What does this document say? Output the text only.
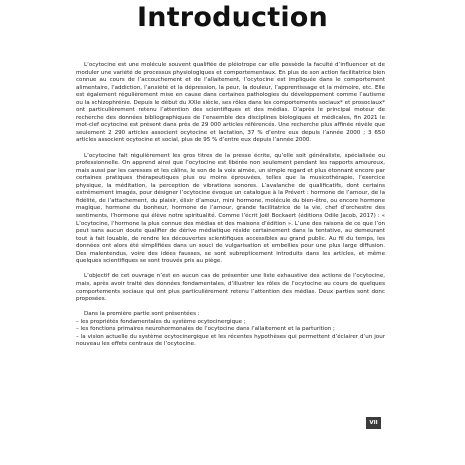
Introduction

L’ocytocine est une molécule souvent qualifiée de pléiotrope car elle possède la faculté d’influencer et de moduler une variété de processus physiologiques et comportementaux. En plus de son action facilitatrice bien connue au cours de l’accouchement et de l’allaitement, l’ocytocine est impliquée dans le comportement alimentaire, l’addiction, l’anxiété et la dépression, la peur, la douleur, l’apprentissage et la mémoire, etc. Elle est également régulièrement mise en cause dans certaines pathologies du développement comme l’autisme ou la schizophrénie. Depuis le début du XXIe siècle, ses rôles dans les comportements sociaux* et prosociaux* ont particulièrement retenu l’attention des scientifiques et des médias. D’après le principal moteur de recherche des données bibliographiques de l’ensemble des disciplines biologiques et médicales, fin 2021 le mot-clef ocytocine est présent dans près de 29 000 articles référencés. Une recherche plus affinée révèle que seulement 2 290 articles associent ocytocine et lactation, 37 % d’entre eux depuis l’année 2000 ; 3 650 articles associent ocytocine et social, plus de 95 % d’entre eux depuis l’année 2000.

L’ocytocine fait régulièrement les gros titres de la presse écrite, qu’elle soit généraliste, spécialisée ou professionnelle. On apprend ainsi que l’ocytocine est libérée non seulement pendant les rapports amoureux, mais aussi par les caresses et les câlins, le son de la voix aimée, un simple regard et plus étonnant encore par certaines pratiques thérapeutiques plus ou moins éprouvées, telles que la musicothérapie, l’exercice physique, la méditation, la perception de vibrations sonores. L’avalanche de qualificatifs, dont certains extrêmement imagés, pour désigner l’ocytocine évoque un catalogue à la Prévert : hormone de l’amour, de la fidélité, de l’attachement, du plaisir, élixir d’amour, mini hormone, molécule du bien-être, ou encore hormone magique, hormone du bonheur, hormone de l’amour, grande facilitatrice de la vie, chef d’orchestre des sentiments, l’hormone qui élève notre spiritualité. Comme l’écrit Joël Bockaert (éditions Odile Jacob, 2017) : « L’ocytocine, l’hormone la plus connue des médias et des maisons d’édition ». L’une des raisons de ce que l’on peut sans aucun doute qualifier de dérive médiatique réside certainement dans la tentative, au demeurant tout à fait louable, de rendre les découvertes scientifiques accessibles au grand public. Au fil du temps, les données ont alors été simplifiées dans un souci de vulgarisation et embellies pour une plus large diffusion. Des malentendus, voire des idées fausses, se sont subrepticement introduits dans les articles, et même quelques scientifiques se sont trouvés pris au piège.

L’objectif de cet ouvrage n’est en aucun cas de présenter une liste exhaustive des actions de l’ocytocine, mais, après avoir traité des données fondamentales, d’illustrer les rôles de l’ocytocine au cours de quelques comportements sociaux qui ont plus particulièrement retenu l’attention des médias. Deux parties sont donc proposées.

Dans la première partie sont présentées :

– les propriétés fondamentales du système ocytocinergique ;
– les fonctions primaires neurohormonales de l’ocytocine dans l’allaitement et la parturition ;
– la vision actuelle du système ocytocinergique et les récentes hypothèses qui permettent d’éclairer d’un jour nouveau les effets centraux de l’ocytocine.
VII
